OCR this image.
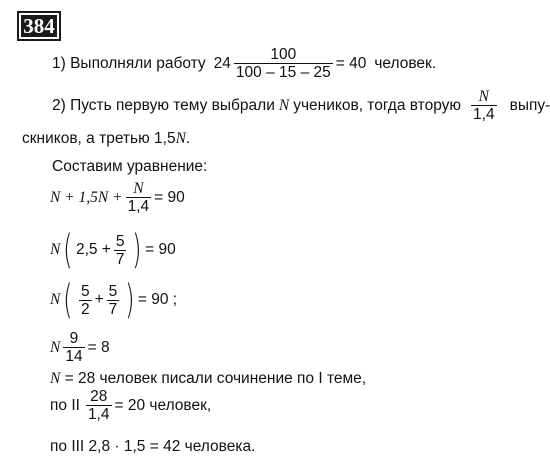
384
1) Выполняли работу $24 \frac{100}{100 - 15 - 25} = 40$ человек.
2) Пусть первую тему выбрали N учеников, тогда вторую $\frac{N}{1,4}$ выпу-
скников, а третью 1,5N.
Составим уравнение:
$N + 1,5N + \frac{N}{1,4} = 90$
N ( $2,5 + \frac{5}{7}$ ) = 90
N ( $\frac{5}{2} + \frac{5}{7}$ ) = 90 ;
N $\frac{9}{14} = 8$
N = 28 человек писали сочинение по I теме,
по II $\frac{28}{1,4} = 20$ человек,
по III 2,8 · 1,5 = 42 человека.
